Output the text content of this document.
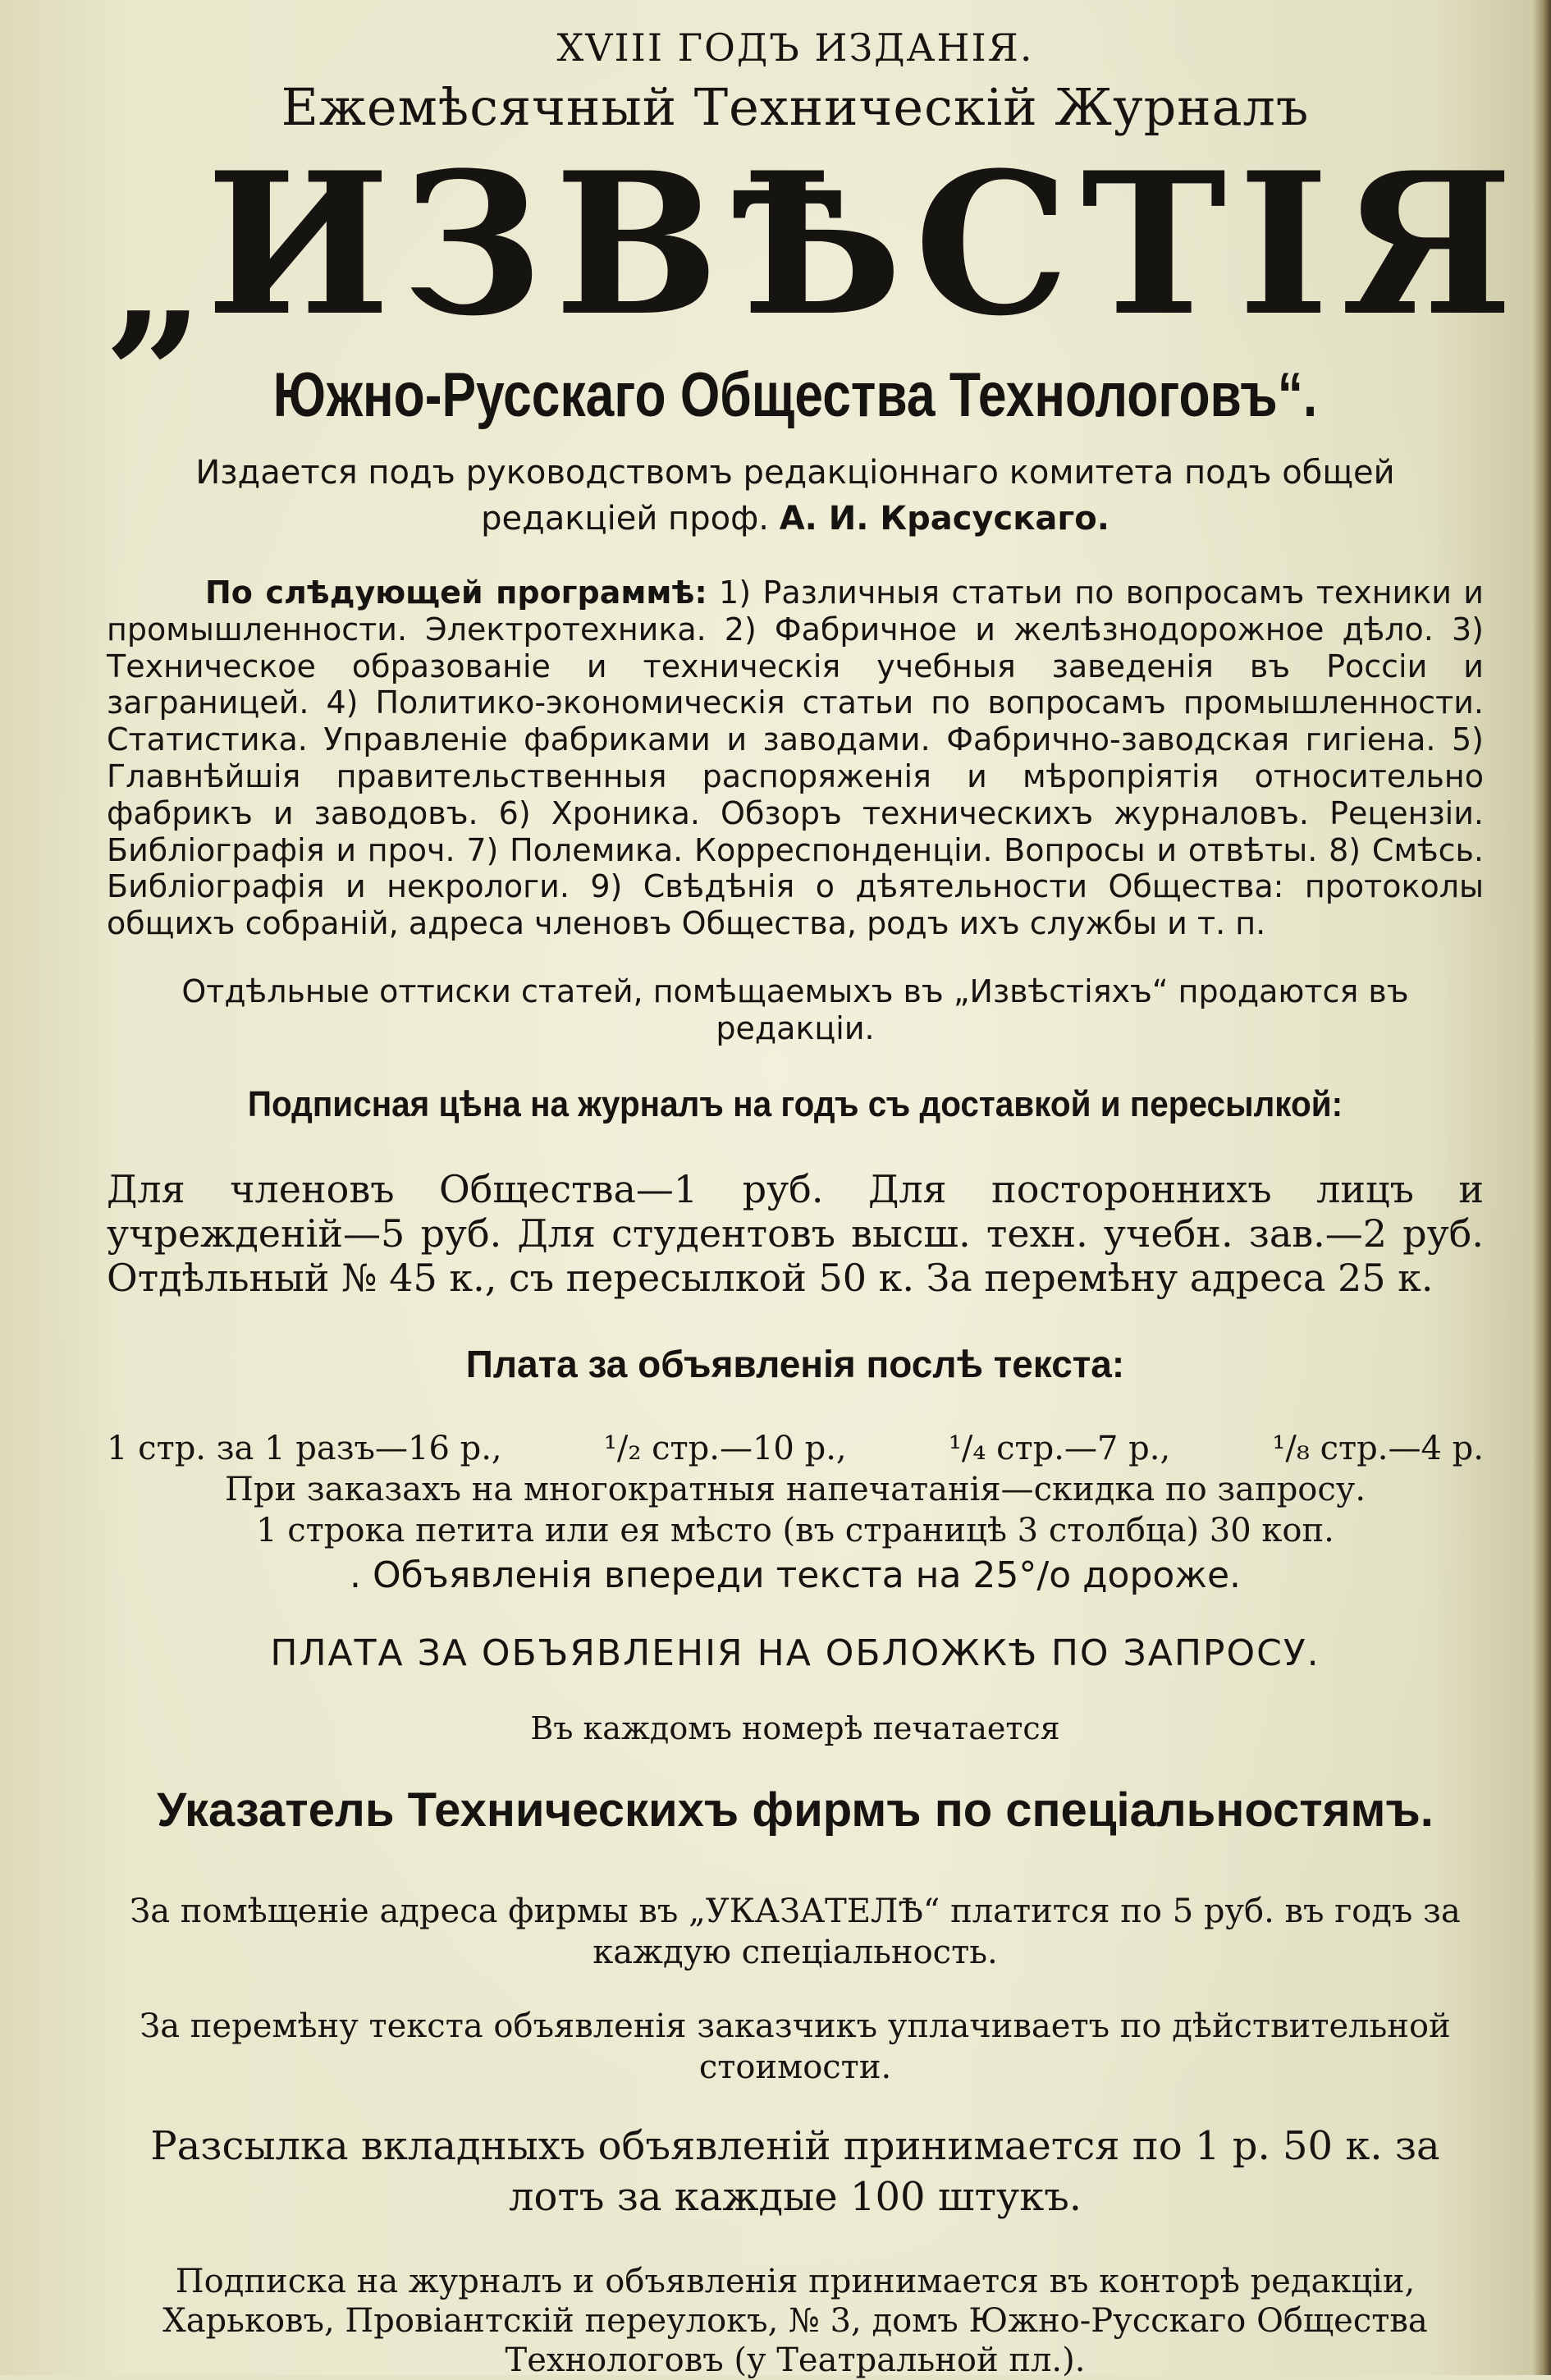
XVIII ГОДЪ ИЗДАНІЯ.

Ежемѣсячный Техническій Журналъ

„ИЗВѢСТІЯ

Южно-Русскаго Общества Технологовъ“.

Издается подъ руководствомъ редакціоннаго комитета подъ общей редакціей проф. А. И. Красускаго.

По слѣдующей программѣ: 1) Различныя статьи по вопросамъ техники и промышленности. Электротехника. 2) Фабричное и желѣзнодорожное дѣло. 3) Техническое образованіе и техническія учебныя заведенія въ Россіи и заграницей. 4) Политико-экономическія статьи по вопросамъ промышленности. Статистика. Управленіе фабриками и заводами. Фабрично-заводская гигіена. 5) Главнѣйшія правительственныя распоряженія и мѣропріятія относительно фабрикъ и заводовъ. 6) Хроника. Обзоръ техническихъ журналовъ. Рецензіи. Библіографія и проч. 7) Полемика. Корреспонденціи. Вопросы и отвѣты. 8) Смѣсь. Библіографія и некрологи. 9) Свѣдѣнія о дѣятельности Общества: протоколы общихъ собраній, адреса членовъ Общества, родъ ихъ службы и т. п.

Отдѣльные оттиски статей, помѣщаемыхъ въ „Извѣстіяхъ“ продаются въ редакціи.

Подписная цѣна на журналъ на годъ съ доставкой и пересылкой:

Для членовъ Общества—1 руб. Для постороннихъ лицъ и учрежденій—5 руб. Для студентовъ высш. техн. учебн. зав.—2 руб. Отдѣльный № 45 к., съ пересылкой 50 к. За перемѣну адреса 25 к.

Плата за объявленія послѣ текста:

1 стр. за 1 разъ—16 р.,	¹/₂ стр.—10 р.,	¹/₄ стр.—7 р.,	¹/₈ стр.—4 р.
При заказахъ на многократныя напечатанія—скидка по запросу.
1 строка петита или ея мѣсто (въ страницѣ 3 столбца) 30 коп.

. Объявленія впереди текста на 25°/о дороже.

ПЛАТА ЗА ОБЪЯВЛЕНІЯ НА ОБЛОЖКѢ ПО ЗАПРОСУ.

Въ каждомъ номерѣ печатается

Указатель Техническихъ фирмъ по спеціальностямъ.

За помѣщеніе адреса фирмы въ „УКАЗАТЕЛѢ“ платится по 5 руб. въ годъ за каждую спеціальность.

За перемѣну текста объявленія заказчикъ уплачиваетъ по дѣйствительной стоимости.

Разсылка вкладныхъ объявленій принимается по 1 р. 50 к. за лотъ за каждые 100 штукъ.

Подписка на журналъ и объявленія принимается въ конторѣ редакціи, Харьковъ, Провіантскій переулокъ, № 3, домъ Южно-Русскаго Общества Технологовъ (у Театральной пл.).
